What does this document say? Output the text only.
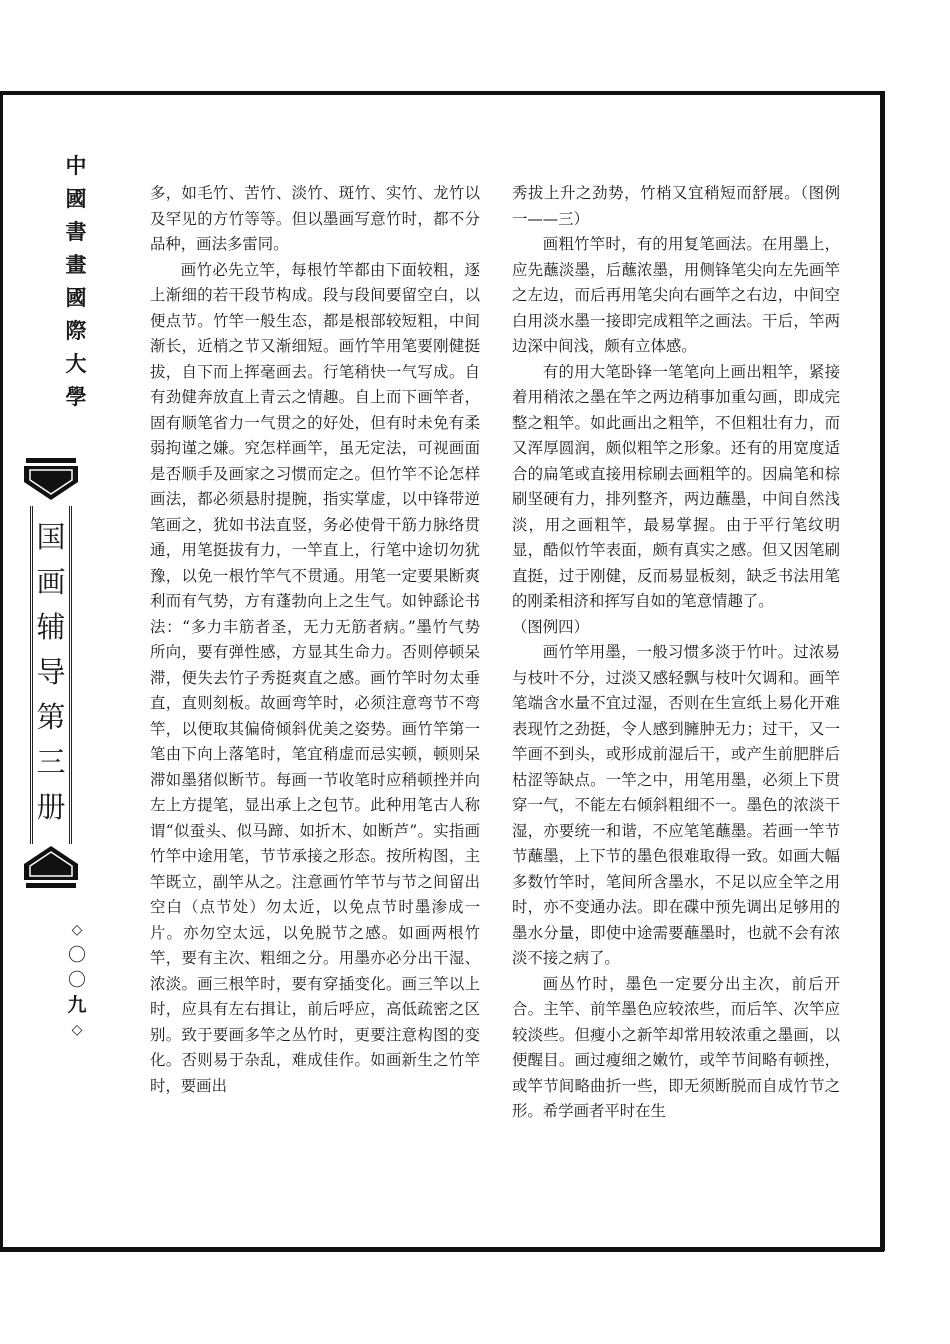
中
國
書
畫
國
際
大
學
国
画
辅
导
第
三
册
◇
〇
〇
九
◇

多，如毛竹、苦竹、淡竹、斑竹、实竹、龙竹以及罕见的方竹等等。但以墨画写意竹时，都不分品种，画法多雷同。

画竹必先立竿，每根竹竿都由下面较粗，逐上渐细的若干段节构成。段与段间要留空白，以便点节。竹竿一般生态，都是根部较短粗，中间渐长，近梢之节又渐细短。画竹竿用笔要刚健挺拔，自下而上挥毫画去。行笔稍快一气写成。自有劲健奔放直上青云之情趣。自上而下画竿者，固有顺笔省力一气贯之的好处，但有时未免有柔弱拘谨之嫌。究怎样画竿，虽无定法，可视画面是否顺手及画家之习惯而定之。但竹竿不论怎样画法，都必须悬肘提腕，指实掌虚，以中锋带逆笔画之，犹如书法直竖，务必使骨干筋力脉络贯通，用笔挺拔有力，一竿直上，行笔中途切勿犹豫，以免一根竹竿气不贯通。用笔一定要果断爽利而有气势，方有蓬勃向上之生气。如钟繇论书法：“多力丰筋者圣，无力无筋者病。”墨竹气势所向，要有弹性感，方显其生命力。否则停顿呆滞，便失去竹子秀挺爽直之感。画竹竿时勿太垂直，直则刻板。故画弯竿时，必须注意弯节不弯竿，以便取其偏倚倾斜优美之姿势。画竹竿第一笔由下向上落笔时，笔宜稍虚而忌实顿，顿则呆滞如墨猪似断节。每画一节收笔时应稍顿挫并向左上方提笔，显出承上之包节。此种用笔古人称谓“似蚕头、似马蹄、如折木、如断芦”。实指画竹竿中途用笔，节节承接之形态。按所构图，主竿既立，副竿从之。注意画竹竿节与节之间留出空白（点节处）勿太近，以免点节时墨渗成一片。亦勿空太远，以免脱节之感。如画两根竹竿，要有主次、粗细之分。用墨亦必分出干湿、浓淡。画三根竿时，要有穿插变化。画三竿以上时，应具有左右揖让，前后呼应，高低疏密之区别。致于要画多竿之丛竹时，更要注意构图的变化。否则易于杂乱，难成佳作。如画新生之竹竿时，要画出

秀拔上升之劲势，竹梢又宜稍短而舒展。（图例一——三）

画粗竹竿时，有的用复笔画法。在用墨上，应先蘸淡墨，后蘸浓墨，用侧锋笔尖向左先画竿之左边，而后再用笔尖向右画竿之右边，中间空白用淡水墨一接即完成粗竿之画法。干后，竿两边深中间浅，颇有立体感。

有的用大笔卧锋一笔笔向上画出粗竿，紧接着用稍浓之墨在竿之两边稍事加重勾画，即成完整之粗竿。如此画出之粗竿，不但粗壮有力，而又浑厚圆润，颇似粗竿之形象。还有的用宽度适合的扁笔或直接用棕刷去画粗竿的。因扁笔和棕刷坚硬有力，排列整齐，两边蘸墨，中间自然浅淡，用之画粗竿，最易掌握。由于平行笔纹明显，酷似竹竿表面，颇有真实之感。但又因笔刷直挺，过于刚健，反而易显板刻，缺乏书法用笔的刚柔相济和挥写自如的笔意情趣了。

（图例四）

画竹竿用墨，一般习惯多淡于竹叶。过浓易与枝叶不分，过淡又感轻飘与枝叶欠调和。画竿笔端含水量不宜过湿，否则在生宣纸上易化开难表现竹之劲挺，令人感到臃肿无力；过干，又一竿画不到头，或形成前湿后干，或产生前肥胖后枯涩等缺点。一竿之中，用笔用墨，必须上下贯穿一气，不能左右倾斜粗细不一。墨色的浓淡干湿，亦要统一和谐，不应笔笔蘸墨。若画一竿节节蘸墨，上下节的墨色很难取得一致。如画大幅多数竹竿时，笔间所含墨水，不足以应全竿之用时，亦不变通办法。即在碟中预先调出足够用的墨水分量，即使中途需要蘸墨时，也就不会有浓淡不接之病了。

画丛竹时，墨色一定要分出主次，前后开合。主竿、前竿墨色应较浓些，而后竿、次竿应较淡些。但瘦小之新竿却常用较浓重之墨画，以便醒目。画过瘦细之嫩竹，或竿节间略有顿挫，或竿节间略曲折一些，即无须断脱而自成竹节之形。希学画者平时在生
